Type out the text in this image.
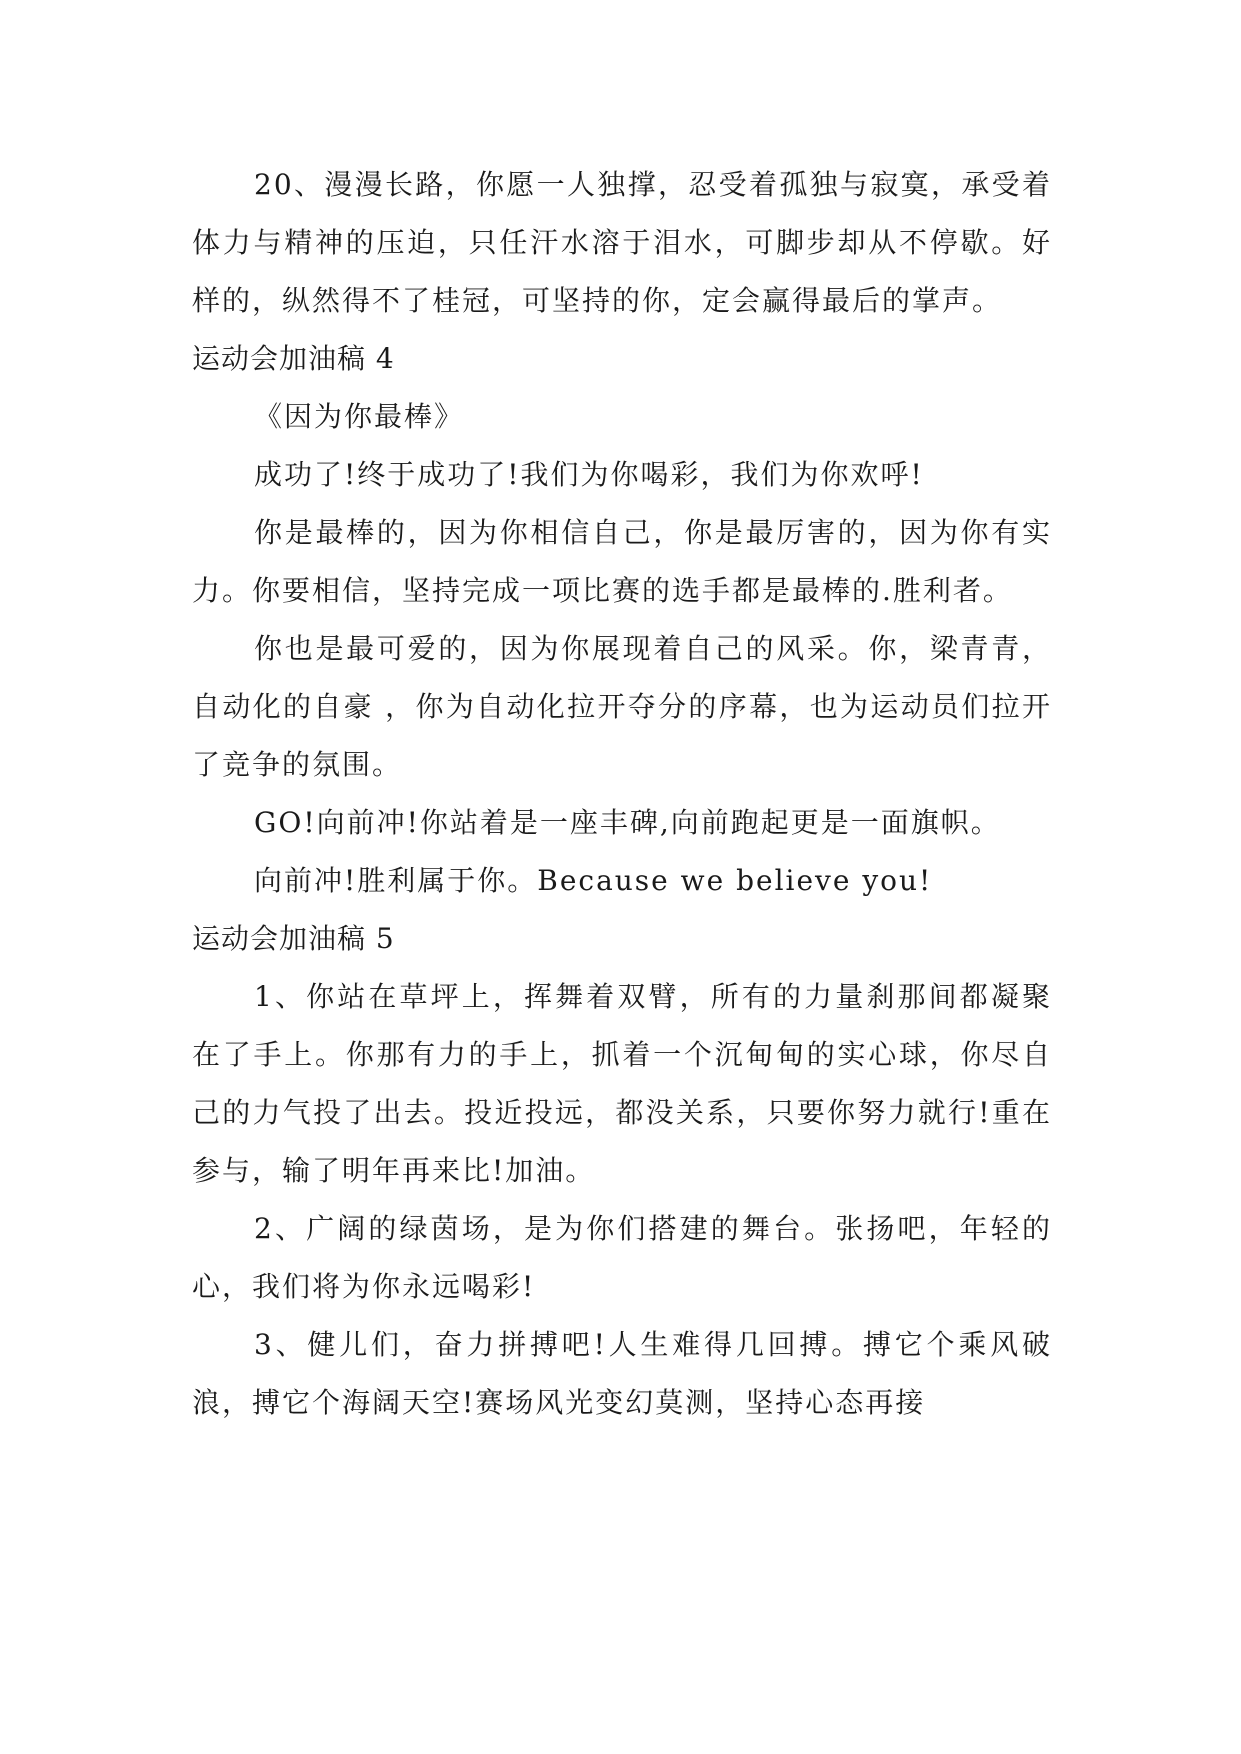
20、漫漫长路，你愿一人独撑，忍受着孤独与寂寞，承受着体力与精神的压迫，只任汗水溶于泪水，可脚步却从不停歇。好样的，纵然得不了桂冠，可坚持的你，定会赢得最后的掌声。

运动会加油稿 4

《因为你最棒》

成功了!终于成功了!我们为你喝彩，我们为你欢呼!

你是最棒的，因为你相信自己，你是最厉害的，因为你有实力。你要相信，坚持完成一项比赛的选手都是最棒的.胜利者。

你也是最可爱的，因为你展现着自己的风采。你，梁青青，自动化的自豪 ，你为自动化拉开夺分的序幕，也为运动员们拉开了竞争的氛围。

GO!向前冲!你站着是一座丰碑,向前跑起更是一面旗帜。

向前冲!胜利属于你。Because we believe you!

运动会加油稿 5

1、你站在草坪上，挥舞着双臂，所有的力量刹那间都凝聚在了手上。你那有力的手上，抓着一个沉甸甸的实心球，你尽自己的力气投了出去。投近投远，都没关系，只要你努力就行!重在参与，输了明年再来比!加油。

2、广阔的绿茵场，是为你们搭建的舞台。张扬吧，年轻的心，我们将为你永远喝彩!

3、健儿们，奋力拼搏吧!人生难得几回搏。搏它个乘风破浪，搏它个海阔天空!赛场风光变幻莫测，坚持心态再接
